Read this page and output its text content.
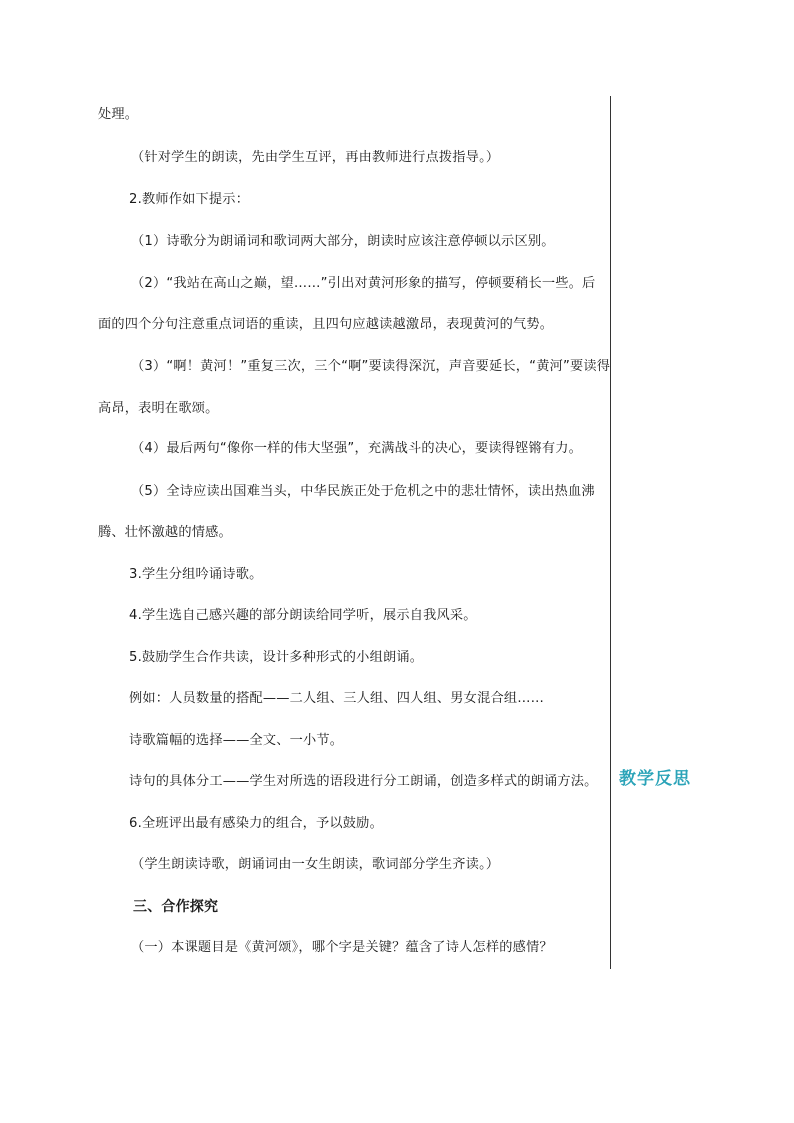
处理。
（针对学生的朗读，先由学生互评，再由教师进行点拨指导。）
2.教师作如下提示：
（1）诗歌分为朗诵词和歌词两大部分，朗读时应该注意停顿以示区别。
（2）“我站在高山之巅，望……”引出对黄河形象的描写，停顿要稍长一些。后
面的四个分句注意重点词语的重读，且四句应越读越激昂，表现黄河的气势。
（3）“啊！黄河！”重复三次，三个“啊”要读得深沉，声音要延长，“黄河”要读得
高昂，表明在歌颂。
（4）最后两句“像你一样的伟大坚强”，充满战斗的决心，要读得铿锵有力。
（5）全诗应读出国难当头，中华民族正处于危机之中的悲壮情怀，读出热血沸
腾、壮怀激越的情感。
3.学生分组吟诵诗歌。
4.学生选自己感兴趣的部分朗读给同学听，展示自我风采。
5.鼓励学生合作共读，设计多种形式的小组朗诵。
例如：人员数量的搭配——二人组、三人组、四人组、男女混合组……
诗歌篇幅的选择——全文、一小节。
诗句的具体分工——学生对所选的语段进行分工朗诵，创造多样式的朗诵方法。
6.全班评出最有感染力的组合，予以鼓励。
（学生朗读诗歌，朗诵词由一女生朗读，歌词部分学生齐读。）
三、合作探究
（一）本课题目是《黄河颂》，哪个字是关键？蕴含了诗人怎样的感情？
教学反思
